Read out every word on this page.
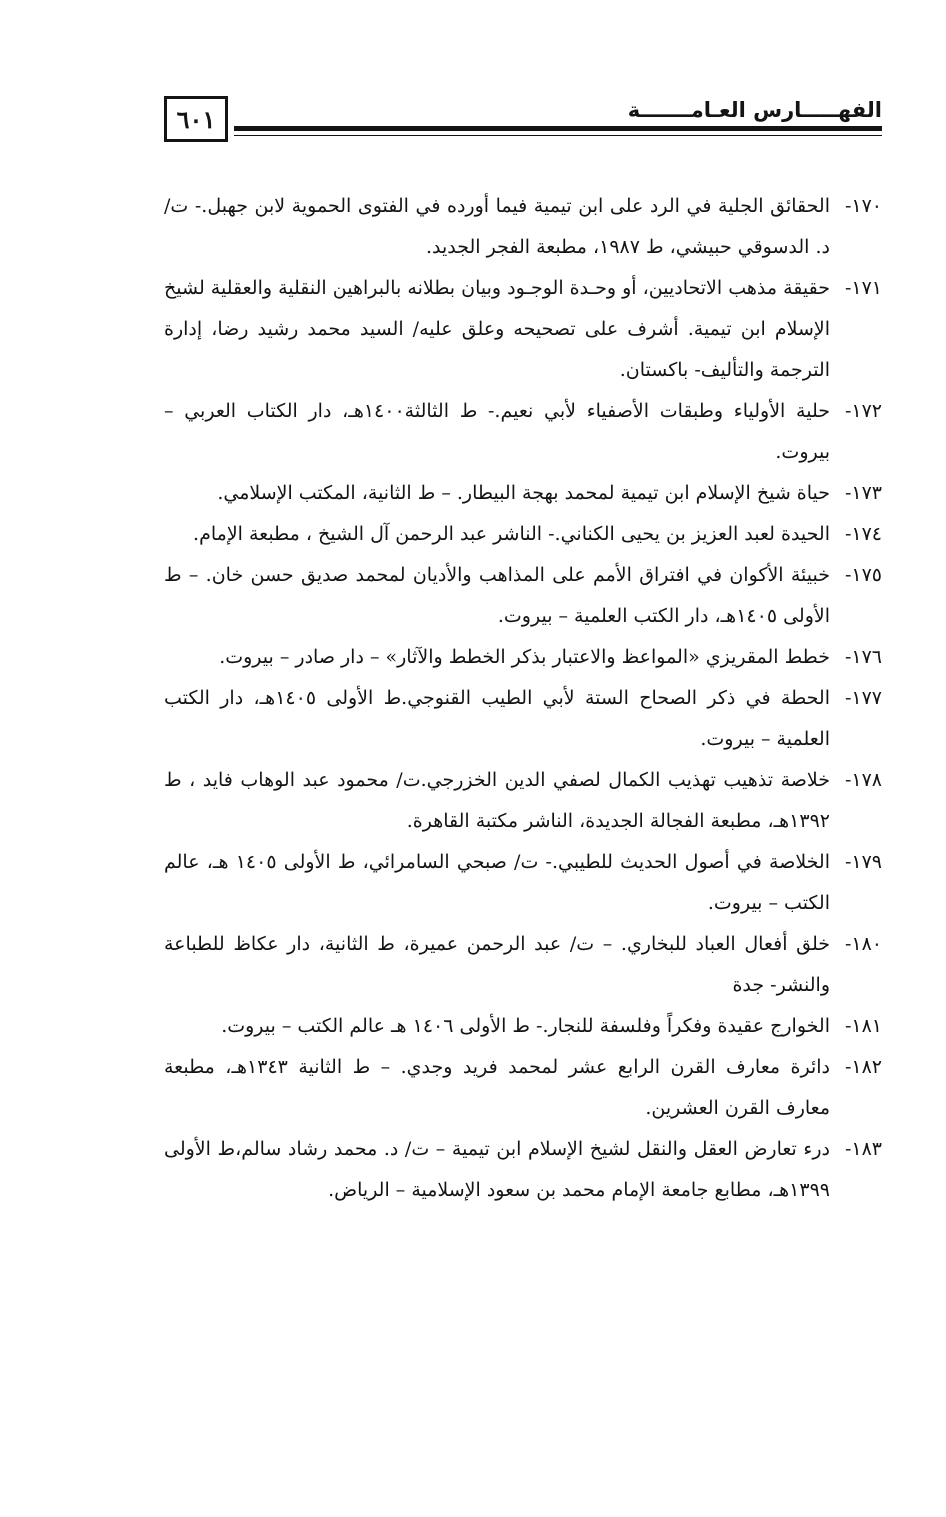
٦٠١	الفهـــــارس العـامـــــــة

١٧٠-
الحقائق الجلية في الرد على ابن تيمية فيما أورده في الفتوى الحموية لابن جهبل.- ت/ د. الدسوقي حبيشي، ط ١٩٨٧، مطبعة الفجر الجديد.

١٧١-
حقيقة مذهب الاتحاديين، أو وحـدة الوجـود وبيان بطلانه بالبراهين النقلية والعقلية لشيخ الإسلام ابن تيمية. أشرف على تصحيحه وعلق عليه/ السيد محمد رشيد رضا، إدارة الترجمة والتأليف- باكستان.

١٧٢-
حلية الأولياء وطبقات الأصفياء لأبي نعيم.- ط الثالثة١٤٠٠هـ، دار الكتاب العربي – بيروت.

١٧٣-
حياة شيخ الإسلام ابن تيمية لمحمد بهجة البيطار. – ط الثانية، المكتب الإسلامي.

١٧٤-
الحيدة لعبد العزيز بن يحيى الكناني.- الناشر عبد الرحمن آل الشيخ ، مطبعة الإمام.

١٧٥-
خبيئة الأكوان في افتراق الأمم على المذاهب والأديان لمحمد صديق حسن خان. – ط الأولى ١٤٠٥هـ، دار الكتب العلمية – بيروت.

١٧٦-
خطط المقريزي «المواعظ والاعتبار بذكر الخطط والآثار» – دار صادر – بيروت.

١٧٧-
الحطة في ذكر الصحاح الستة لأبي الطيب القنوجي.ط الأولى ١٤٠٥هـ، دار الكتب العلمية – بيروت.

١٧٨-
خلاصة تذهيب تهذيب الكمال لصفي الدين الخزرجي.ت/ محمود عبد الوهاب فايد ، ط ١٣٩٢هـ، مطبعة الفجالة الجديدة، الناشر مكتبة القاهرة.

١٧٩-
الخلاصة في أصول الحديث للطيبي.- ت/ صبحي السامرائي، ط الأولى ١٤٠٥ هـ، عالم الكتب – بيروت.

١٨٠-
خلق أفعال العباد للبخاري. – ت/ عبد الرحمن عميرة، ط الثانية، دار عكاظ للطباعة والنشر- جدة

١٨١-
الخوارج عقيدة وفكراً وفلسفة للنجار.- ط الأولى ١٤٠٦ هـ عالم الكتب – بيروت.

١٨٢-
دائرة معارف القرن الرابع عشر لمحمد فريد وجدي. – ط الثانية ١٣٤٣هـ، مطبعة معارف القرن العشرين.

١٨٣-
درء تعارض العقل والنقل لشيخ الإسلام ابن تيمية – ت/ د. محمد رشاد سالم،ط الأولى ١٣٩٩هـ، مطابع جامعة الإمام محمد بن سعود الإسلامية – الرياض.
